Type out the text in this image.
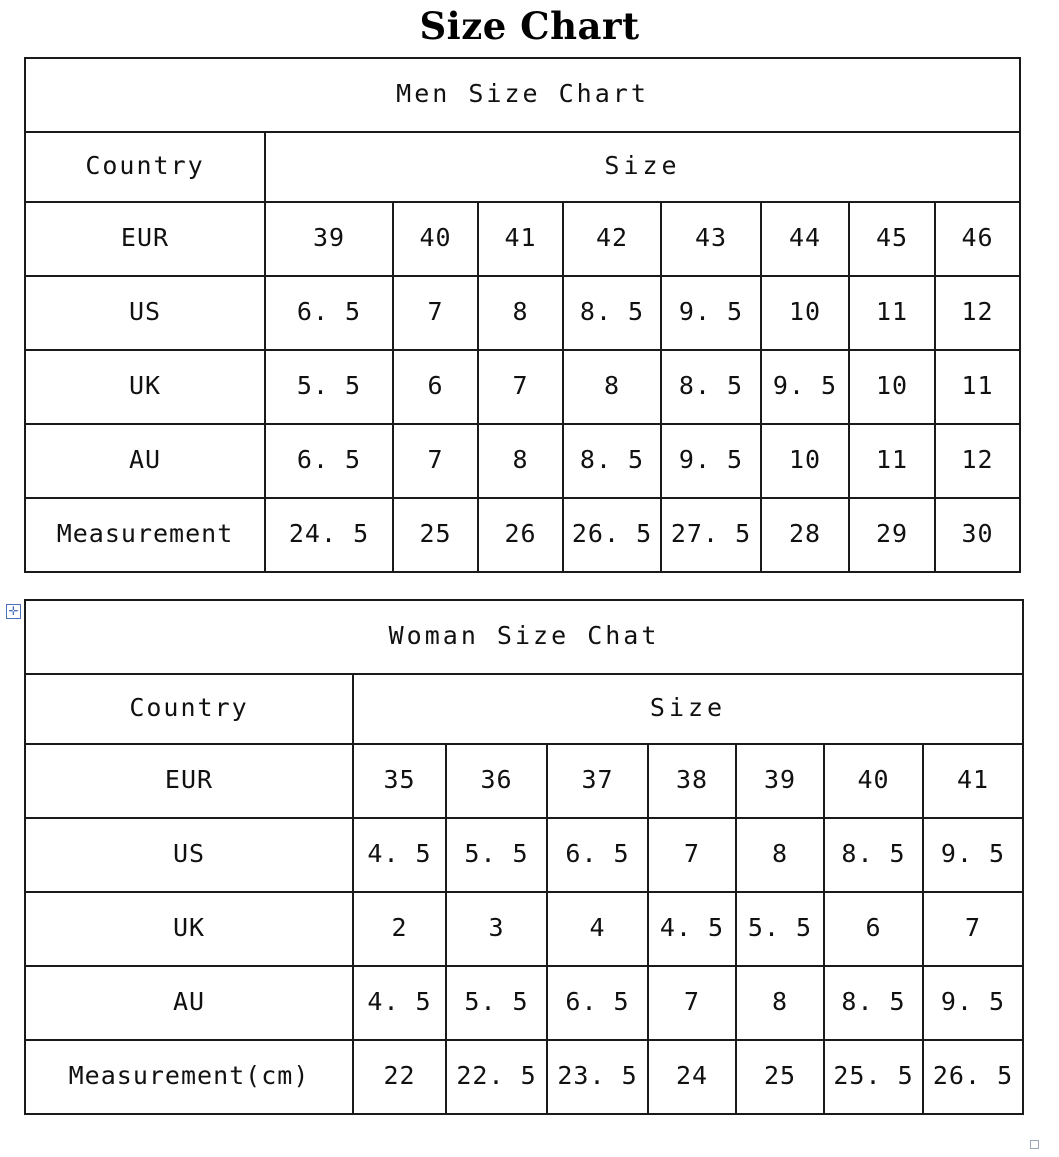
Size Chart
Men Size Chart								
Country	Size							
EUR	39	40	41	42	43	44	45	46
US	6. 5	7	8	8. 5	9. 5	10	11	12
UK	5. 5	6	7	8	8. 5	9. 5	10	11
AU	6. 5	7	8	8. 5	9. 5	10	11	12
Measurement	24. 5	25	26	26. 5	27. 5	28	29	30
Woman Size Chat							
Country	Size						
EUR	35	36	37	38	39	40	41
US	4. 5	5. 5	6. 5	7	8	8. 5	9. 5
UK	2	3	4	4. 5	5. 5	6	7
AU	4. 5	5. 5	6. 5	7	8	8. 5	9. 5
Measurement(cm)	22	22. 5	23. 5	24	25	25. 5	26. 5
✛
